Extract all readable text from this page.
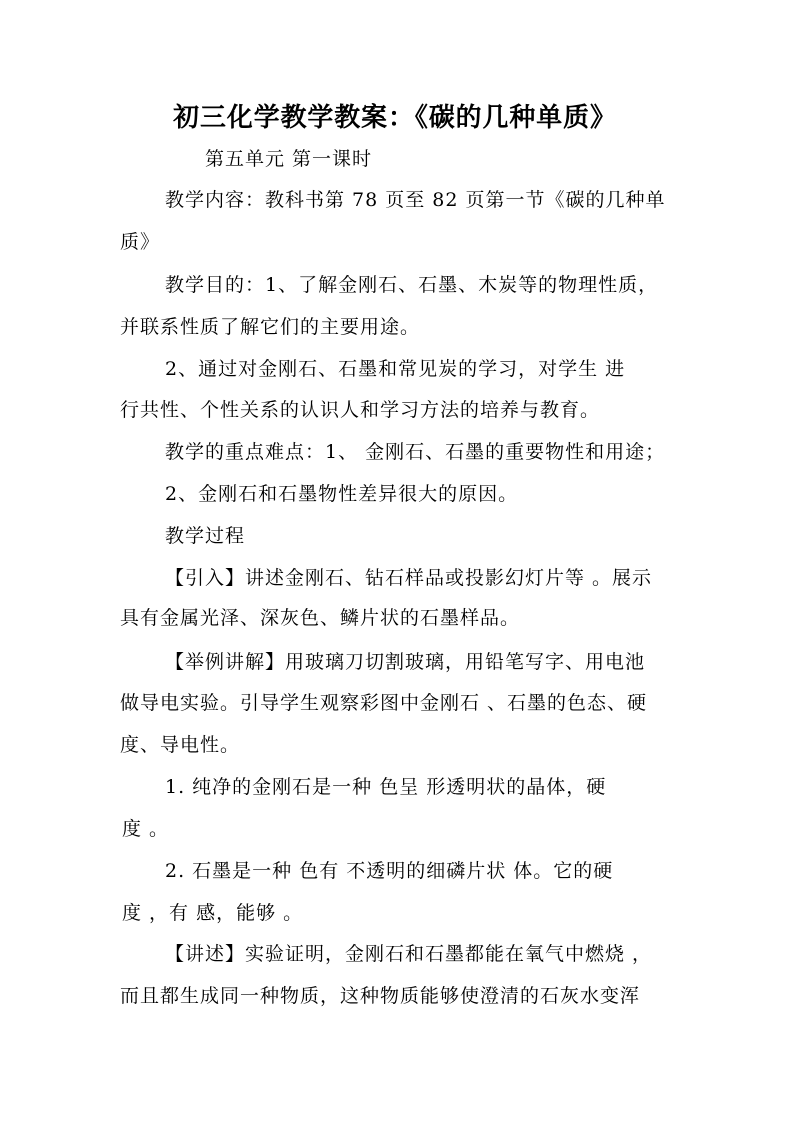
初三化学教学教案：《碳的几种单质》
第五单元 第一课时
教学内容：教科书第 78 页至 82 页第一节《碳的几种单
质》
教学目的：1、了解金刚石、石墨、木炭等的物理性质，
并联系性质了解它们的主要用途。
2、通过对金刚石、石墨和常见炭的学习，对学生 进
行共性、个性关系的认识人和学习方法的培养与教育。
教学的重点难点：1、 金刚石、石墨的重要物性和用途；
2、金刚石和石墨物性差异很大的原因。
教学过程
【引入】讲述金刚石、钻石样品或投影幻灯片等 。展示
具有金属光泽、深灰色、鳞片状的石墨样品。
【举例讲解】用玻璃刀切割玻璃，用铅笔写字、用电池
做导电实验。引导学生观察彩图中金刚石 、石墨的色态、硬
度、导电性。
1. 纯净的金刚石是一种 色呈 形透明状的晶体，硬
度 。
2. 石墨是一种 色有 不透明的细磷片状 体。它的硬
度 ，有 感，能够 。
【讲述】实验证明，金刚石和石墨都能在氧气中燃烧 ，
而且都生成同一种物质，这种物质能够使澄清的石灰水变浑
